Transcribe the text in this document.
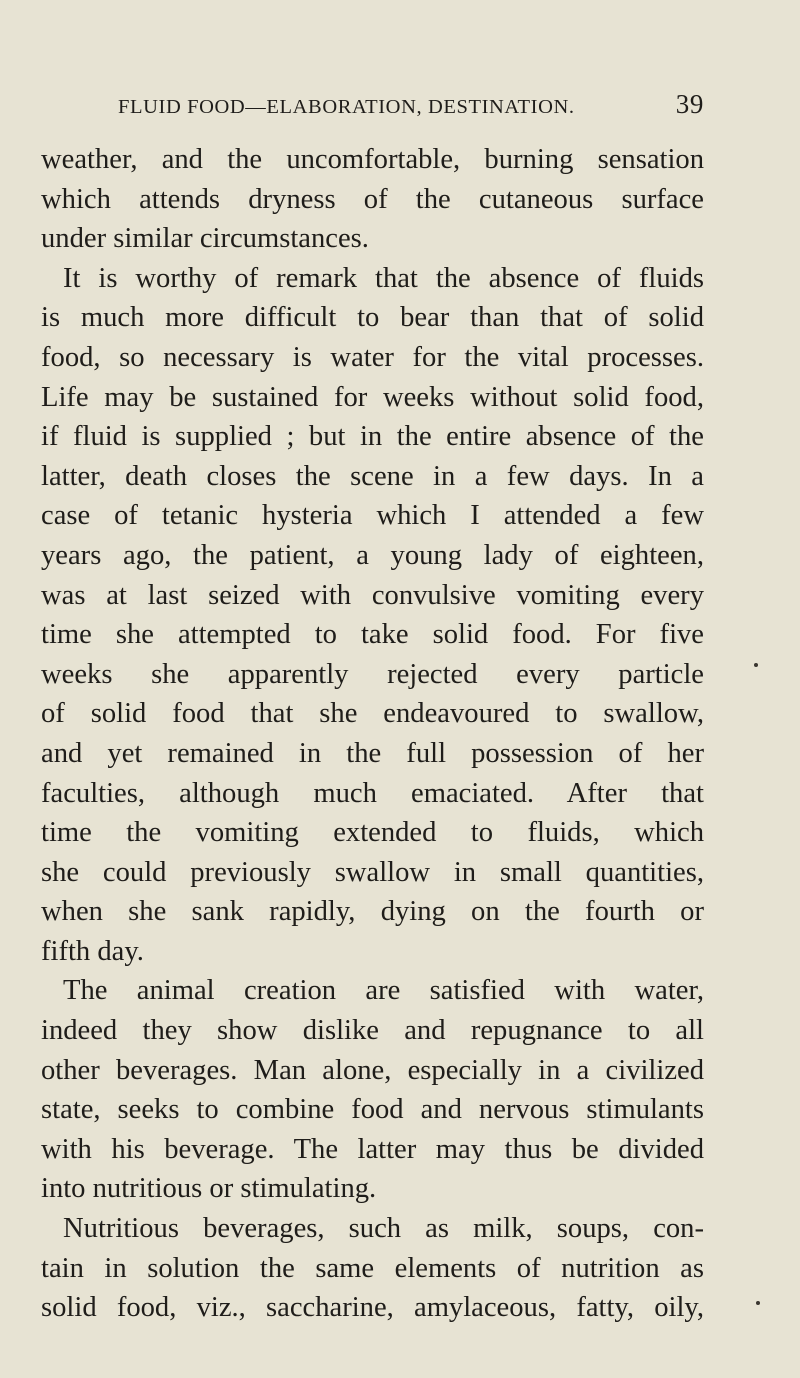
FLUID FOOD—ELABORATION, DESTINATION.	39
weather, and the uncomfortable, burning sensation
which attends dryness of the cutaneous surface
under similar circumstances.
It is worthy of remark that the absence of fluids
is much more difficult to bear than that of solid
food, so necessary is water for the vital processes.
Life may be sustained for weeks without solid food,
if fluid is supplied ; but in the entire absence of the
latter, death closes the scene in a few days. In a
case of tetanic hysteria which I attended a few
years ago, the patient, a young lady of eighteen,
was at last seized with convulsive vomiting every
time she attempted to take solid food. For five
weeks she apparently rejected every particle
of solid food that she endeavoured to swallow,
and yet remained in the full possession of her
faculties, although much emaciated. After that
time the vomiting extended to fluids, which
she could previously swallow in small quantities,
when she sank rapidly, dying on the fourth or
fifth day.
The animal creation are satisfied with water,
indeed they show dislike and repugnance to all
other beverages. Man alone, especially in a civilized
state, seeks to combine food and nervous stimulants
with his beverage. The latter may thus be divided
into nutritious or stimulating.
Nutritious beverages, such as milk, soups, con-
tain in solution the same elements of nutrition as
solid food, viz., saccharine, amylaceous, fatty, oily,
